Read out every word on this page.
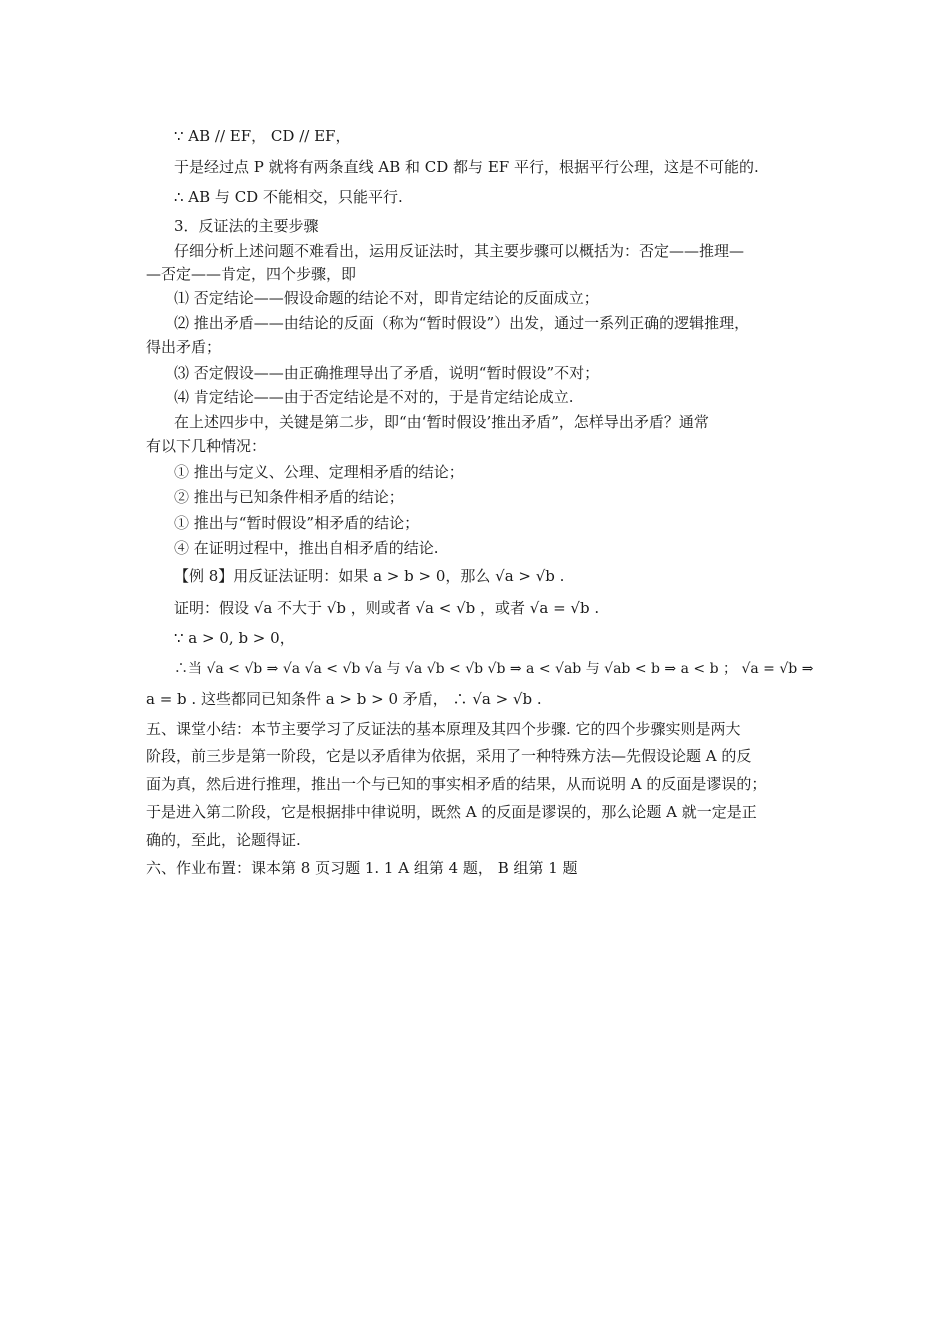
∵ AB // EF， CD // EF，
于是经过点 P 就将有两条直线 AB 和 CD 都与 EF 平行，根据平行公理，这是不可能的.
∴ AB 与 CD 不能相交，只能平行.
3．反证法的主要步骤
仔细分析上述问题不难看出，运用反证法时，其主要步骤可以概括为：否定——推理—
—否定——肯定，四个步骤，即
⑴ 否定结论——假设命题的结论不对，即肯定结论的反面成立；
⑵ 推出矛盾——由结论的反面（称为“暂时假设”）出发，通过一系列正确的逻辑推理，
得出矛盾；
⑶ 否定假设——由正确推理导出了矛盾，说明“暂时假设”不对；
⑷ 肯定结论——由于否定结论是不对的，于是肯定结论成立.
在上述四步中，关键是第二步，即“由‘暂时假设’推出矛盾”，怎样导出矛盾？通常
有以下几种情况：
① 推出与定义、公理、定理相矛盾的结论；
② 推出与已知条件相矛盾的结论；
① 推出与“暂时假设”相矛盾的结论；
④ 在证明过程中，推出自相矛盾的结论.
【例 8】用反证法证明：如果 a > b > 0，那么 √a > √b .
证明：假设 √a 不大于 √b ，则或者 √a < √b ，或者 √a = √b .
∵ a > 0, b > 0，
∴当 √a < √b ⇒ √a √a < √b √a 与 √a √b < √b √b ⇒ a < √ab 与 √ab < b ⇒ a < b ； √a = √b ⇒
a = b . 这些都同已知条件 a > b > 0 矛盾， ∴ √a > √b .
五、课堂小结：本节主要学习了反证法的基本原理及其四个步骤. 它的四个步骤实则是两大
阶段，前三步是第一阶段，它是以矛盾律为依据，采用了一种特殊方法—先假设论题 A 的反
面为真，然后进行推理，推出一个与已知的事实相矛盾的结果，从而说明 A 的反面是谬误的；
于是进入第二阶段，它是根据排中律说明，既然 A 的反面是谬误的，那么论题 A 就一定是正
确的，至此，论题得证.
六、作业布置：课本第 8 页习题 1. 1 A 组第 4 题， B 组第 1 题
